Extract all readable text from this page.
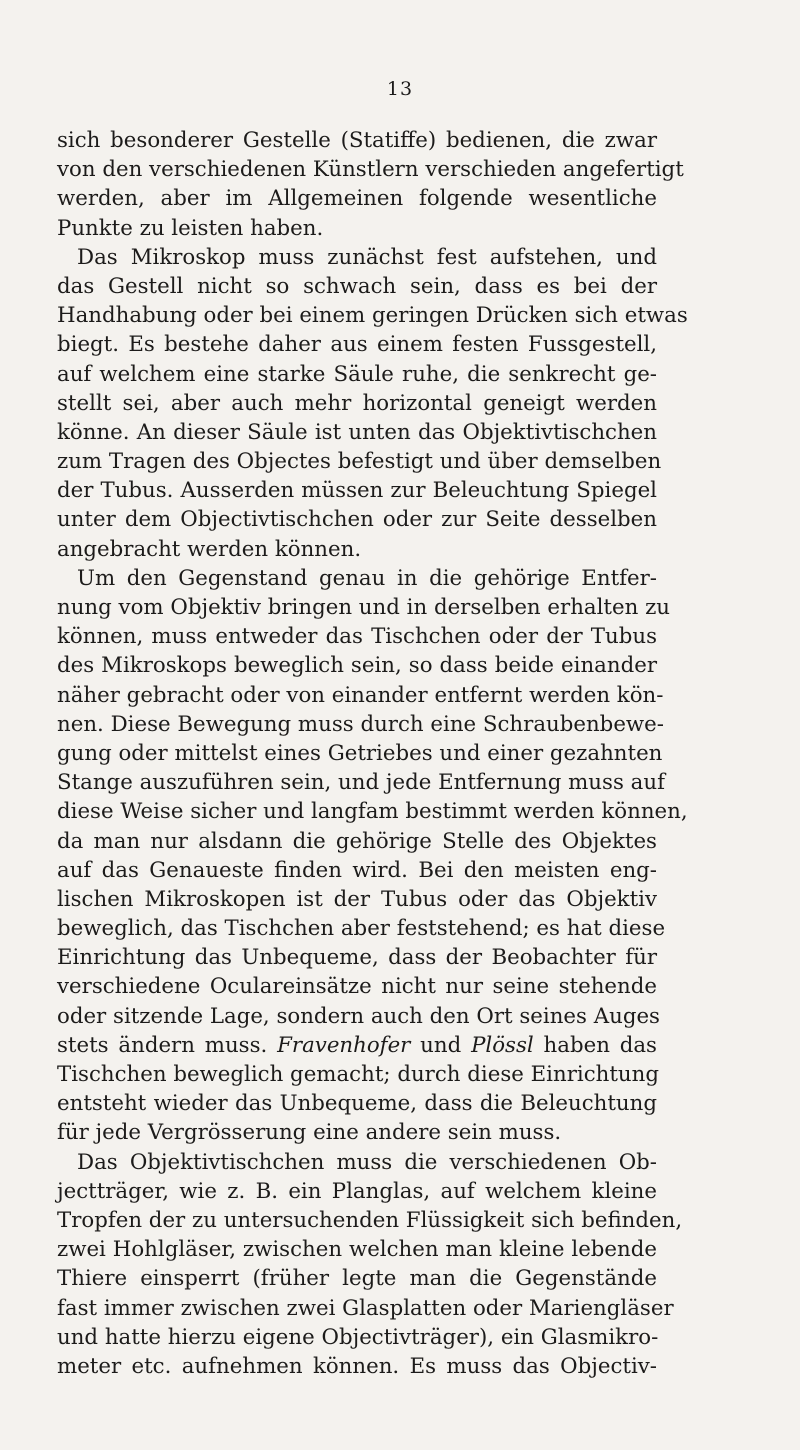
13
sich besonderer Gestelle (Statiffe) bedienen, die zwar
von den verschiedenen Künstlern verschieden angefertigt
werden, aber im Allgemeinen folgende wesentliche
Punkte zu leisten haben.
Das Mikroskop muss zunächst fest aufstehen, und
das Gestell nicht so schwach sein, dass es bei der
Handhabung oder bei einem geringen Drücken sich etwas
biegt. Es bestehe daher aus einem festen Fussgestell,
auf welchem eine starke Säule ruhe, die senkrecht ge-
stellt sei, aber auch mehr horizontal geneigt werden
könne. An dieser Säule ist unten das Objektivtischchen
zum Tragen des Objectes befestigt und über demselben
der Tubus. Ausserden müssen zur Beleuchtung Spiegel
unter dem Objectivtischchen oder zur Seite desselben
angebracht werden können.
Um den Gegenstand genau in die gehörige Entfer-
nung vom Objektiv bringen und in derselben erhalten zu
können, muss entweder das Tischchen oder der Tubus
des Mikroskops beweglich sein, so dass beide einander
näher gebracht oder von einander entfernt werden kön-
nen. Diese Bewegung muss durch eine Schraubenbewe-
gung oder mittelst eines Getriebes und einer gezahnten
Stange auszuführen sein, und jede Entfernung muss auf
diese Weise sicher und langfam bestimmt werden können,
da man nur alsdann die gehörige Stelle des Objektes
auf das Genaueste finden wird. Bei den meisten eng-
lischen Mikroskopen ist der Tubus oder das Objektiv
beweglich, das Tischchen aber feststehend; es hat diese
Einrichtung das Unbequeme, dass der Beobachter für
verschiedene Oculareinsätze nicht nur seine stehende
oder sitzende Lage, sondern auch den Ort seines Auges
stets ändern muss. Fravenhofer und Plössl haben das
Tischchen beweglich gemacht; durch diese Einrichtung
entsteht wieder das Unbequeme, dass die Beleuchtung
für jede Vergrösserung eine andere sein muss.
Das Objektivtischchen muss die verschiedenen Ob-
jectträger, wie z. B. ein Planglas, auf welchem kleine
Tropfen der zu untersuchenden Flüssigkeit sich befinden,
zwei Hohlgläser, zwischen welchen man kleine lebende
Thiere einsperrt (früher legte man die Gegenstände
fast immer zwischen zwei Glasplatten oder Mariengläser
und hatte hierzu eigene Objectivträger), ein Glasmikro-
meter etc. aufnehmen können. Es muss das Objectiv-
